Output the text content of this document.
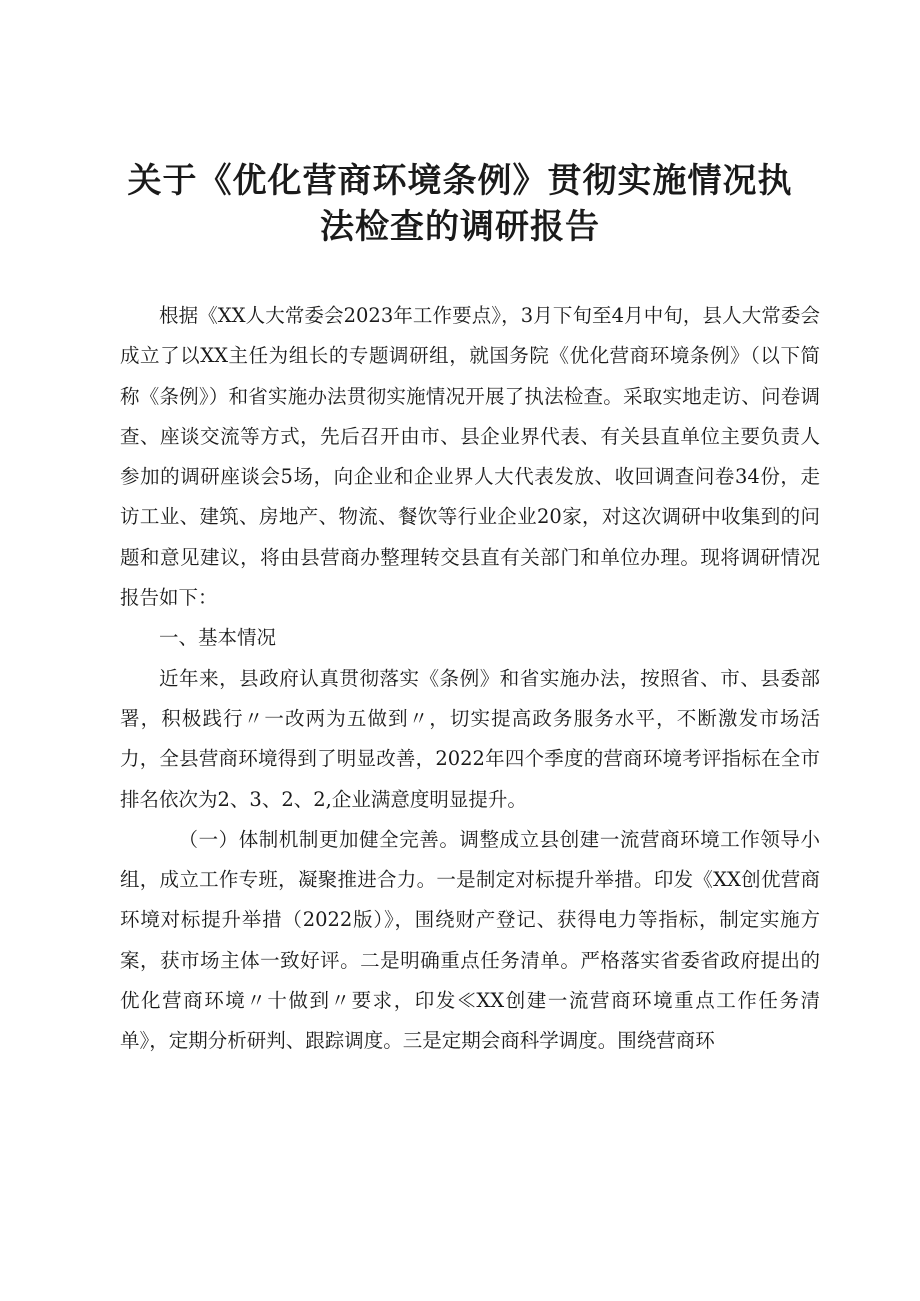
关于《优化营商环境条例》贯彻实施情况执
法检查的调研报告

根据《XX人大常委会2023年工作要点》，3月下旬至4月中旬，县人大常委会成立了以XX主任为组长的专题调研组，就国务院《优化营商环境条例》（以下简称《条例》）和省实施办法贯彻实施情况开展了执法检查。采取实地走访、问卷调查、座谈交流等方式，先后召开由市、县企业界代表、有关县直单位主要负责人参加的调研座谈会5场，向企业和企业界人大代表发放、收回调查问卷34份，走访工业、建筑、房地产、物流、餐饮等行业企业20家，对这次调研中收集到的问题和意见建议，将由县营商办整理转交县直有关部门和单位办理。现将调研情况报告如下：

一、基本情况

近年来，县政府认真贯彻落实《条例》和省实施办法，按照省、市、县委部署，积极践行〃一改两为五做到〃，切实提高政务服务水平，不断激发市场活力，全县营商环境得到了明显改善，2022年四个季度的营商环境考评指标在全市排名依次为2、3、2、2,企业满意度明显提升。

（一）体制机制更加健全完善。调整成立县创建一流营商环境工作领导小组，成立工作专班，凝聚推进合力。一是制定对标提升举措。印发《XX创优营商环境对标提升举措（2022版）》，围绕财产登记、获得电力等指标，制定实施方案，获市场主体一致好评。二是明确重点任务清单。严格落实省委省政府提出的优化营商环境〃十做到〃要求，印发≪XX创建一流营商环境重点工作任务清单》，定期分析研判、跟踪调度。三是定期会商科学调度。围绕营商环
